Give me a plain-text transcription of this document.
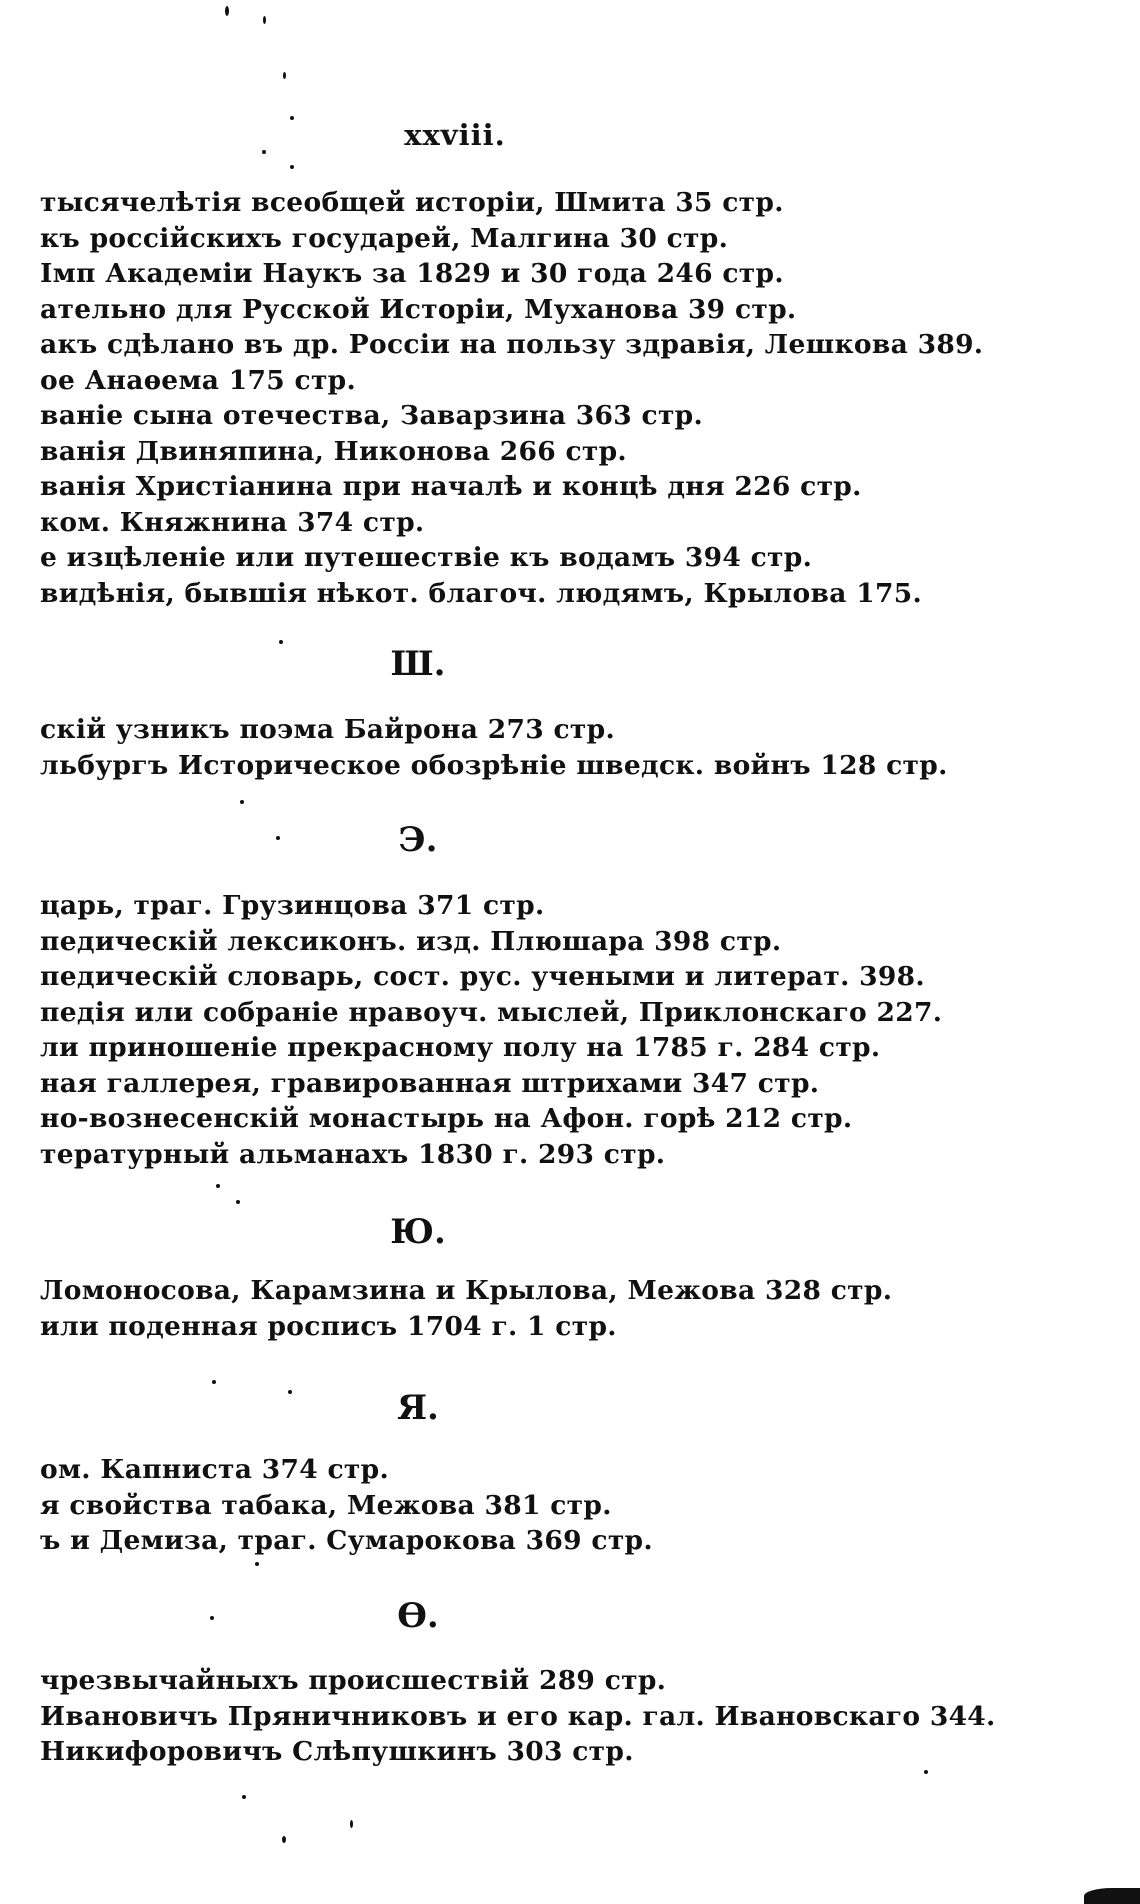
xxviii.
тысячелѣтія всеобщей исторіи, Шмита 35 стр.
къ россійскихъ государей, Малгина 30 стр.
Імп Академіи Наукъ за 1829 и 30 года 246 стр.
ательно для Русской Исторіи, Муханова 39 стр.
акъ сдѣлано въ др. Россіи на пользу здравія, Лешкова 389.
ое Анаѳема 175 стр.
ваніе сына отечества, Заварзина 363 стр.
ванія Двиняпина, Никонова 266 стр.
ванія Христіанина при началѣ и концѣ дня 226 стр.
ком. Княжнина 374 стр.
е изцѣленіе или путешествіе къ водамъ 394 стр.
видѣнія, бывшія нѣкот. благоч. людямъ, Крылова 175.
Ш.
скій узникъ поэма Байрона 273 стр.
льбургъ Историческое обозрѣніе шведск. войнъ 128 стр.
Э.
царь, траг. Грузинцова 371 стр.
педическій лексиконъ. изд. Плюшара 398 стр.
педическій словарь, сост. рус. учеными и литерат. 398.
педія или собраніе нравоуч. мыслей, Приклонскаго 227.
ли приношеніе прекрасному полу на 1785 г. 284 стр.
ная галлерея, гравированная штрихами 347 стр.
но-вознесенскій монастырь на Афон. горѣ 212 стр.
тературный альманахъ 1830 г. 293 стр.
Ю.
Ломоносова, Карамзина и Крылова, Межова 328 стр.
или поденная росписъ 1704 г. 1 стр.
Я.
ом. Капниста 374 стр.
я свойства табака, Межова 381 стр.
ъ и Демиза, траг. Сумарокова 369 стр.
Ѳ.
чрезвычайныхъ происшествій 289 стр.
Ивановичъ Пряничниковъ и его кар. гал. Ивановскаго 344.
Никифоровичъ Слѣпушкинъ 303 стр.
